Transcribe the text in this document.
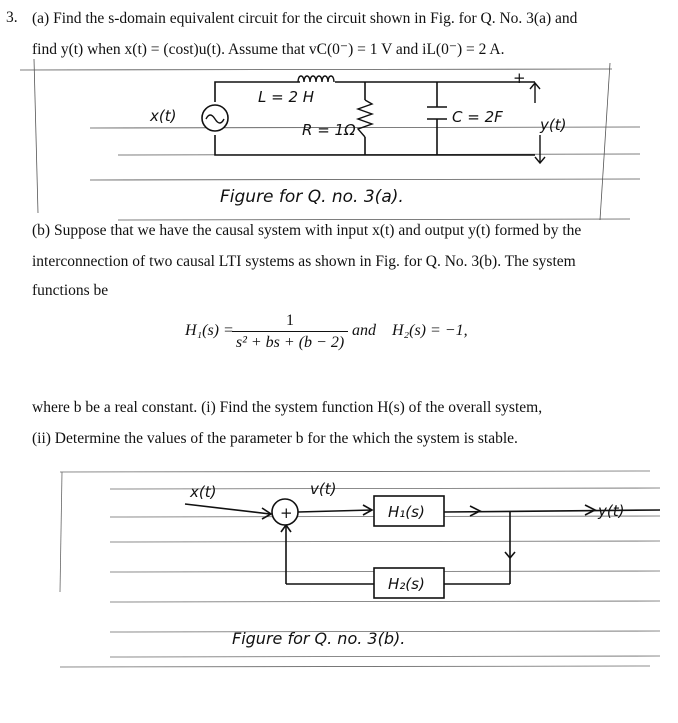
3. (a) Find the s-domain equivalent circuit for the circuit shown in Fig. for Q. No. 3(a) and
find y(t) when x(t) = (cost)u(t). Assume that vC(0⁻) = 1 V and iL(0⁻) = 2 A.
x(t)
L = 2 H
R = 1Ω
C = 2F y(t)
+
Figure for Q. no. 3(a).
(b) Suppose that we have the causal system with input x(t) and output y(t) formed by the
interconnection of two causal LTI systems as shown in Fig. for Q. No. 3(b). The system
functions be
H₁(s) =
1
s² + bs + (b − 2)
and H₂(s) = −1,
where b be a real constant. (i) Find the system function H(s) of the overall system,
(ii) Determine the values of the parameter b for the which the system is stable.
x(t)
+
v(t)
H₁(s)
H₂(s)
y(t)
Figure for Q. no. 3(b).
